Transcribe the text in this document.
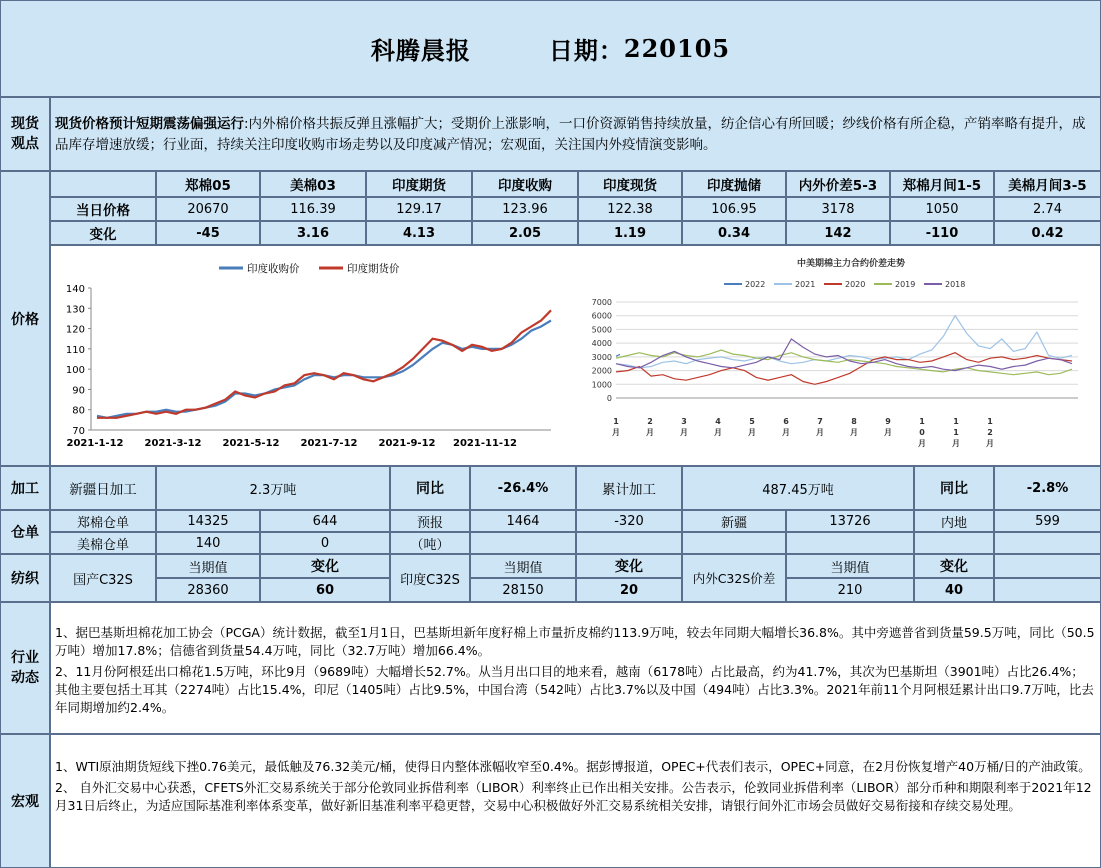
科腾晨报	日期： 220105
现货观点
现货价格预计短期震荡偏强运行:内外棉价格共振反弹且涨幅扩大；受期价上涨影响，一口价资源销售持续放量，纺企信心有所回暖；纱线价格有所企稳，产销率略有提升，成品库存增速放缓；行业面，持续关注印度收购市场走势以及印度减产情况；宏观面，关注国内外疫情演变影响。
价格
郑棉05	美棉03	印度期货	印度收购	印度现货	印度抛储	内外价差5-3	郑棉月间1-5	美棉月间3-5
当日价格	20670	116.39	129.17	123.96	122.38	106.95	3178	1050	2.74
变化	-45	3.16	4.13	2.05	1.19	0.34	142	-110	0.42
印度收购价	印度期货价
70
80
90
100
110
120
130
140
2021-1-12 2021-3-12 2021-5-12 2021-7-12 2021-9-12 2021-11-12
中美期棉主力合约价差走势
2022	2021	2020	2019	2018
0
1000
2000
3000
4000
5000
6000
7000
1
月
2
月
3
月
4
月
5
月
6
月
7
月
8
月
9
月
1
0
月
1
1
月
1
2
月
加工	新疆日加工	2.3万吨	同比	-26.4%	累计加工	487.45万吨	同比	-2.8%
仓单
郑棉仓单	14325	644	预报	1464	-320	新疆	13726	内地	599
美棉仓单	140	0	（吨）
纺织	国产C32S
当期值	变化
28360	60
印度C32S
当期值	变化
28150	20
内外C32S价差
当期值	变化
210	40
行业动态
1、据巴基斯坦棉花加工协会（PCGA）统计数据，截至1月1日，巴基斯坦新年度籽棉上市量折皮棉约113.9万吨，较去年同期大幅增长36.8%。其中旁遮普省到货量59.5万吨，同比（50.5万吨）增加17.8%；信德省到货量54.4万吨，同比（32.7万吨）增加66.4%。
2、11月份阿根廷出口棉花1.5万吨，环比9月（9689吨）大幅增长52.7%。从当月出口目的地来看，越南（6178吨）占比最高，约为41.7%，其次为巴基斯坦（3901吨）占比26.4%；其他主要包括土耳其（2274吨）占比15.4%，印尼（1405吨）占比9.5%，中国台湾（542吨）占比3.7%以及中国（494吨）占比3.3%。2021年前11个月阿根廷累计出口9.7万吨，比去年同期增加约2.4%。
宏观
1、WTI原油期货短线下挫0.76美元，最低触及76.32美元/桶，使得日内整体涨幅收窄至0.4%。据彭博报道，OPEC+代表们表示，OPEC+同意，在2月份恢复增产40万桶/日的产油政策。
2、 自外汇交易中心获悉，CFETS外汇交易系统关于部分伦敦同业拆借利率（LIBOR）利率终止已作出相关安排。公告表示，伦敦同业拆借利率（LIBOR）部分币种和期限利率于2021年12月31日后终止，为适应国际基准利率体系变革，做好新旧基准利率平稳更替，交易中心积极做好外汇交易系统相关安排，请银行间外汇市场会员做好交易衔接和存续交易处理。
